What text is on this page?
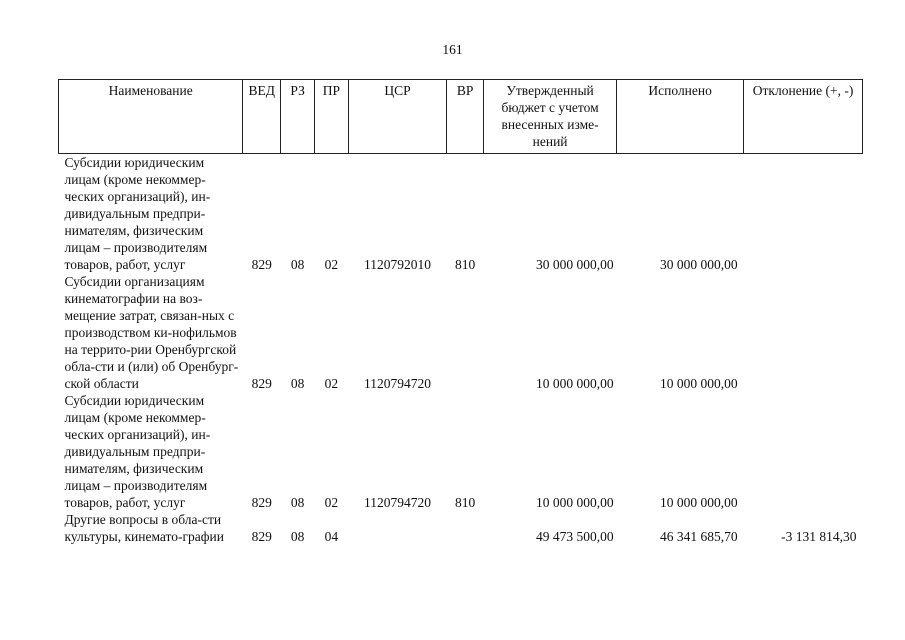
161
Наименование	ВЕД	РЗ	ПР	ЦСР	ВР	Утвержденный бюджет с учетом внесенных изме-нений	Исполнено	Отклонение (+, -)
Субсидии юридическим лицам (кроме некоммер-ческих организаций), ин-дивидуальным предпри-нимателям, физическим лицам – производителям товаров, работ, услуг	829	08	02	1120792010	810	30 000 000,00	30 000 000,00	
Субсидии организациям кинематографии на воз-мещение затрат, связан-ных с производством ки-нофильмов на террито-рии Оренбургской обла-сти и (или) об Оренбург-ской области	829	08	02	1120794720		10 000 000,00	10 000 000,00	
Субсидии юридическим лицам (кроме некоммер-ческих организаций), ин-дивидуальным предпри-нимателям, физическим лицам – производителям товаров, работ, услуг	829	08	02	1120794720	810	10 000 000,00	10 000 000,00	
Другие вопросы в обла-сти культуры, кинемато-графии	829	08	04			49 473 500,00	46 341 685,70	-3 131 814,30
